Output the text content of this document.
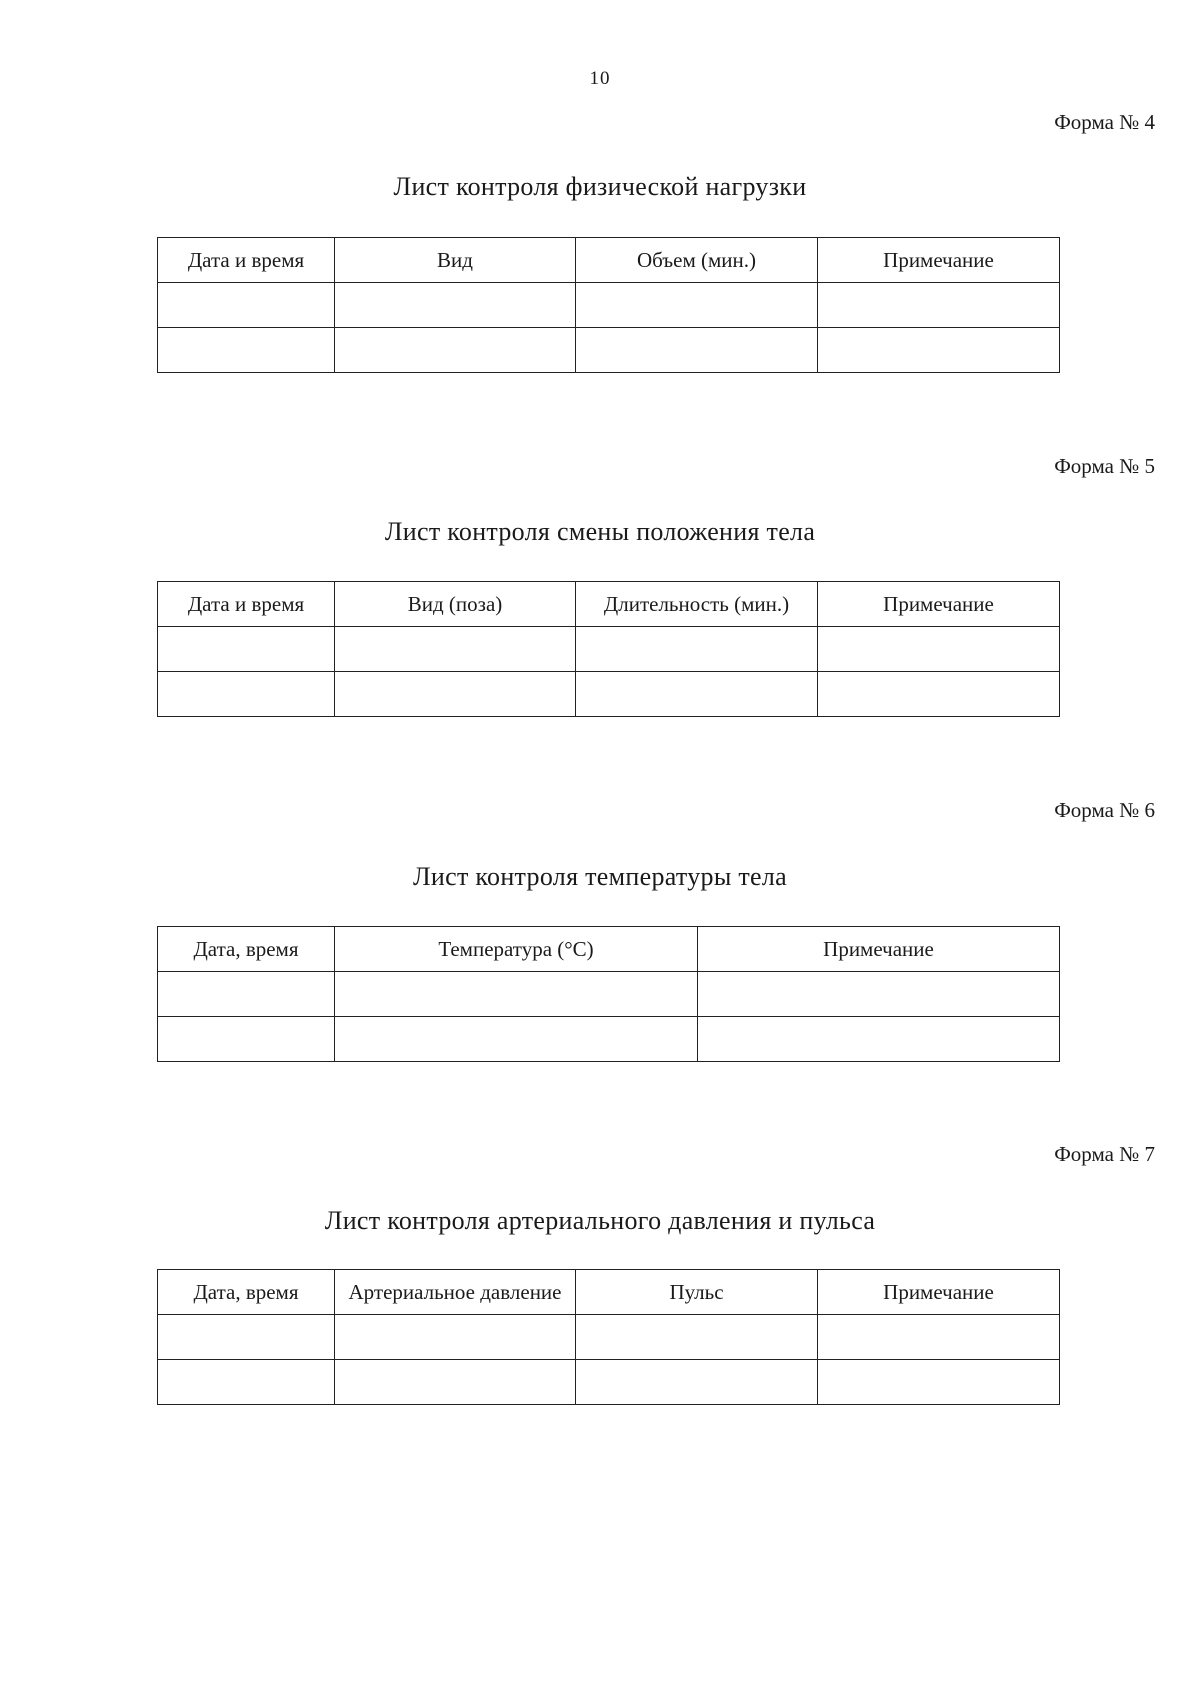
10
Форма № 4
Лист контроля физической нагрузки
Дата и время	Вид	Объем (мин.)	Примечание

Форма № 5
Лист контроля смены положения тела
Дата и время	Вид (поза)	Длительность (мин.)	Примечание

Форма № 6
Лист контроля температуры тела
Дата, время	Температура (°С)	Примечание

Форма № 7
Лист контроля артериального давления и пульса
Дата, время	Артериальное давление	Пульс	Примечание
